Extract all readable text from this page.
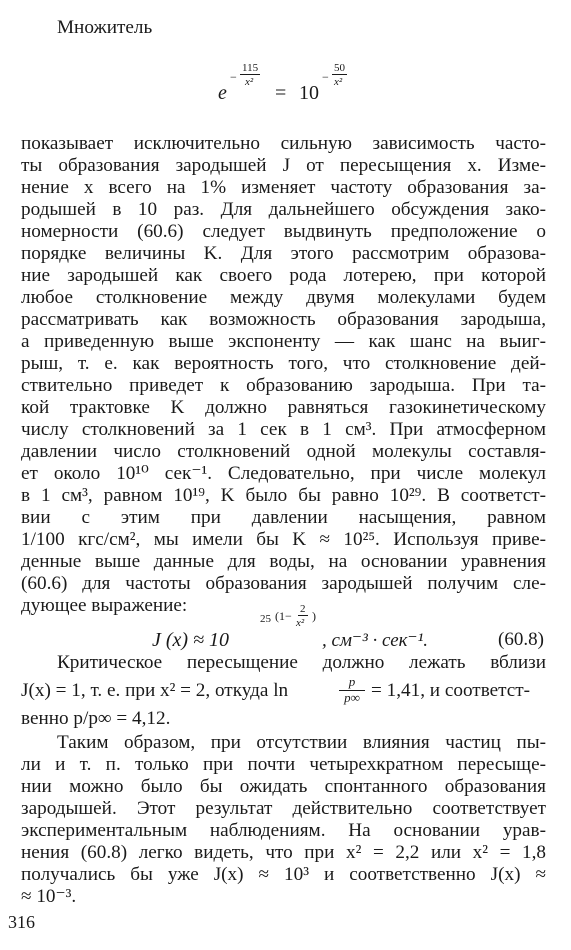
Множитель
e
−
115
x² = 10
−
50
x²
показывает исключительно сильную зависимость часто-
ты образования зародышей J от пересыщения x. Изме-
нение x всего на 1% изменяет частоту образования за-
родышей в 10 раз. Для дальнейшего обсуждения зако-
номерности (60.6) следует выдвинуть предположение о
порядке величины K. Для этого рассмотрим образова-
ние зародышей как своего рода лотерею, при которой
любое столкновение между двумя молекулами будем
рассматривать как возможность образования зародыша,
а приведенную выше экспоненту — как шанс на выиг-
рыш, т. е. как вероятность того, что столкновение дей-
ствительно приведет к образованию зародыша. При та-
кой трактовке K должно равняться газокинетическому
числу столкновений за 1 сек в 1 см³. При атмосферном
давлении число столкновений одной молекулы составля-
ет около 10¹⁰ сек⁻¹. Следовательно, при числе молекул
в 1 см³, равном 10¹⁹, K было бы равно 10²⁹. В соответст-
вии с этим при давлении насыщения, равном
1/100 кгс/см², мы имели бы K ≈ 10²⁵. Используя приве-
денные выше данные для воды, на основании уравнения
(60.6) для частоты образования зародышей получим сле-
дующее выражение:
J (x) ≈ 10
25 (1− 2
x² )
, см⁻³ · сек⁻¹.	(60.8)
Критическое пересыщение должно лежать вблизи
J(x) = 1, т. е. при x² = 2, откуда ln	p
p∞ = 1,41, и соответст-
венно p/p∞ = 4,12.
Таким образом, при отсутствии влияния частиц пы-
ли и т. п. только при почти четырехкратном пересыще-
нии можно было бы ожидать спонтанного образования
зародышей. Этот результат действительно соответствует
экспериментальным наблюдениям. На основании урав-
нения (60.8) легко видеть, что при x² = 2,2 или x² = 1,8
получались бы уже J(x) ≈ 10³ и соответственно J(x) ≈
≈ 10⁻³.
316
